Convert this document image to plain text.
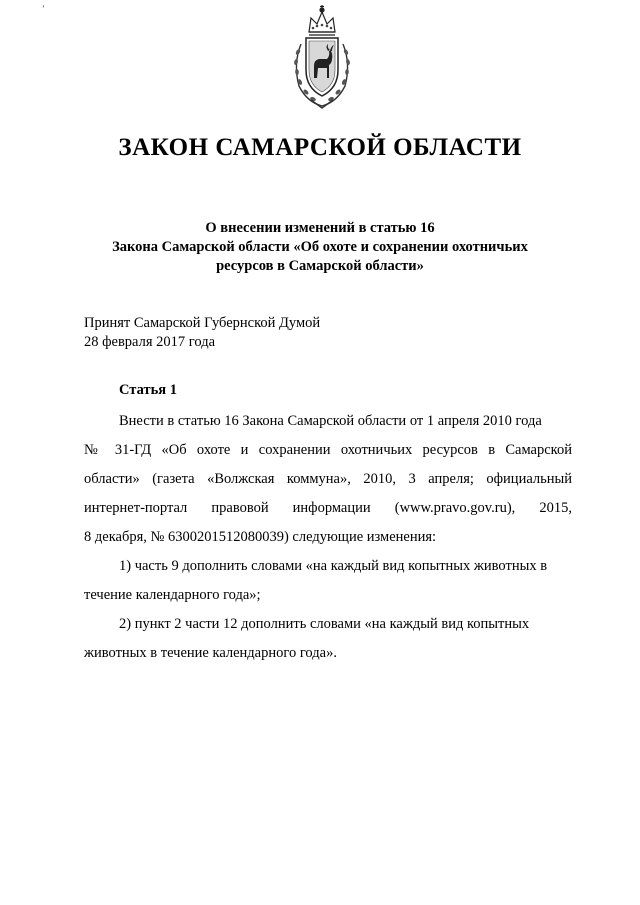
ʼ
ЗАКОН САМАРСКОЙ ОБЛАСТИ
О внесении изменений в статью 16
Закона Самарской области «Об охоте и сохранении охотничьих
ресурсов в Самарской области»
Принят Самарской Губернской Думой
28 февраля 2017 года
Статья 1
Внести в статью 16 Закона Самарской области от 1 апреля 2010 года
№ 31-ГД «Об охоте и сохранении охотничьих ресурсов в Самарской
области» (газета «Волжская коммуна», 2010, 3 апреля; официальный
интернет-портал правовой информации (www.pravo.gov.ru), 2015,
8 декабря, № 6300201512080039) следующие изменения:
1) часть 9 дополнить словами «на каждый вид копытных животных в
течение календарного года»;
2) пункт 2 части 12 дополнить словами «на каждый вид копытных
животных в течение календарного года».
